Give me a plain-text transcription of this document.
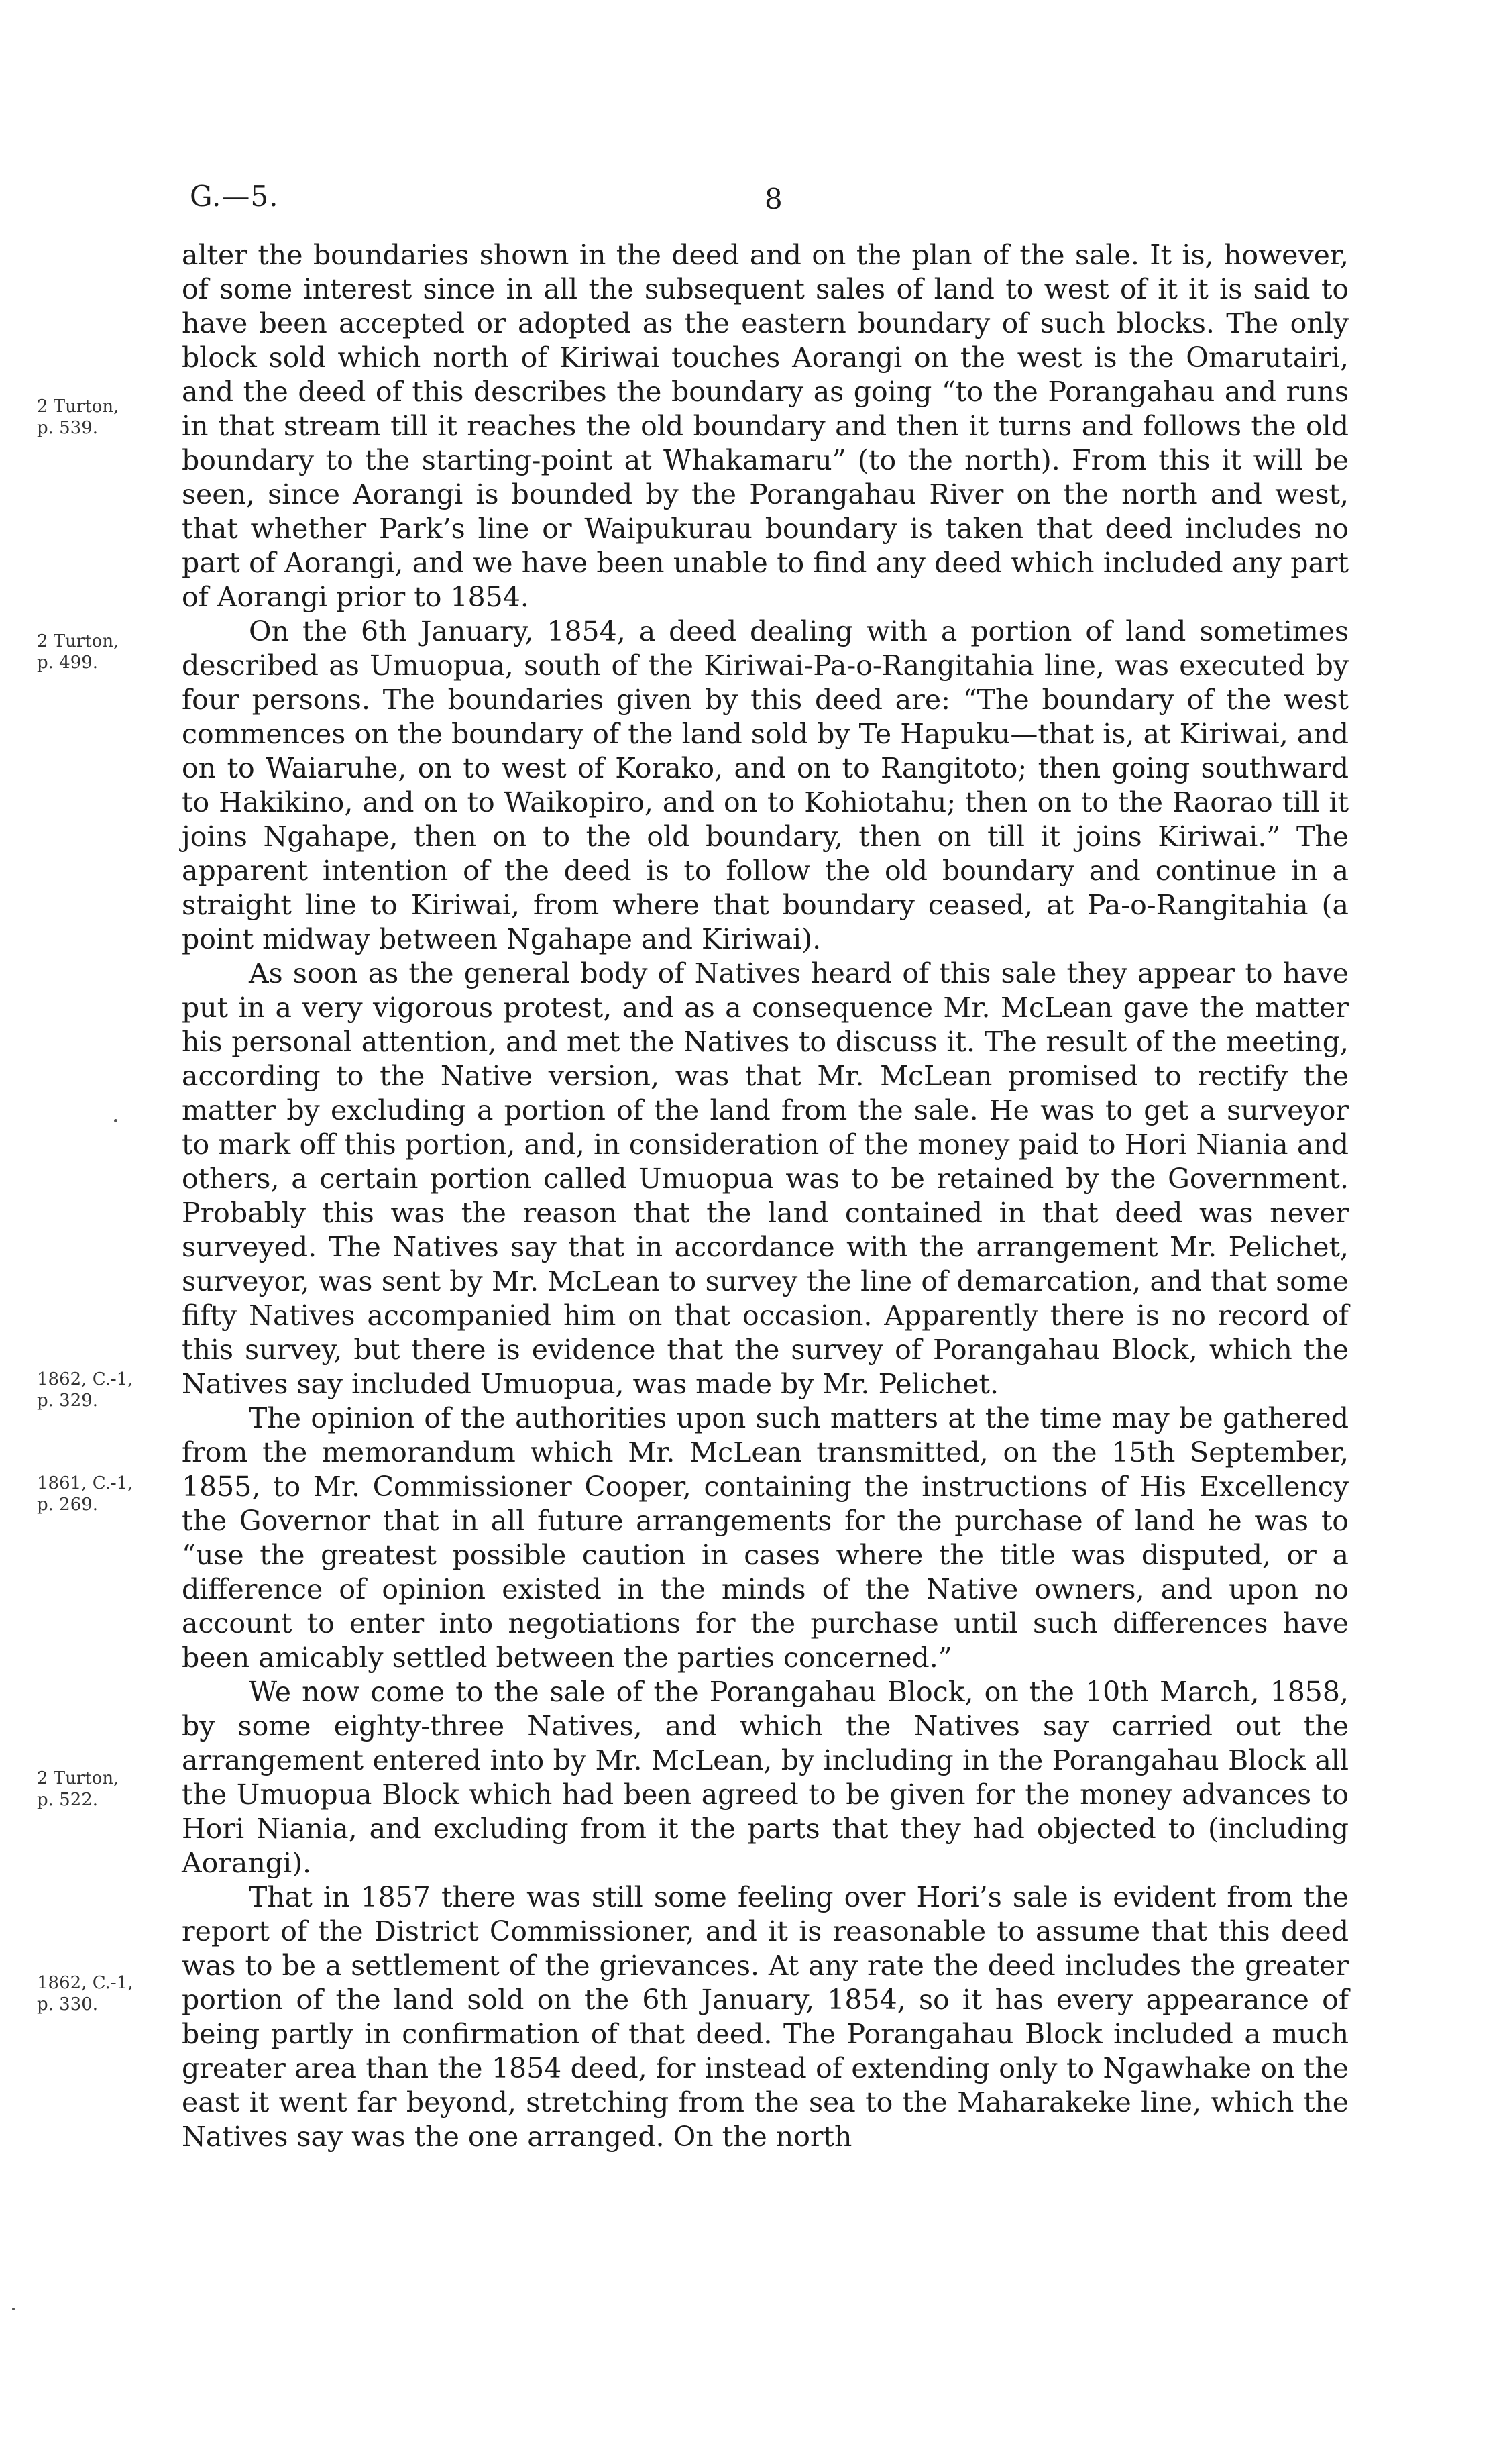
G.—5.	8
2 Turton,
p. 539.
2 Turton,
p. 499.
1862, C.-1,
p. 329.
1861, C.-1,
p. 269.
2 Turton,
p. 522.
1862, C.-1,
p. 330.

alter the boundaries shown in the deed and on the plan of the sale. It is, however, of some interest since in all the subsequent sales of land to west of it it is said to have been accepted or adopted as the eastern boundary of such blocks. The only block sold which north of Kiriwai touches Aorangi on the west is the Omarutairi, and the deed of this describes the boundary as going “to the Porangahau and runs in that stream till it reaches the old boundary and then it turns and follows the old boundary to the starting-point at Whakamaru” (to the north). From this it will be seen, since Aorangi is bounded by the Porangahau River on the north and west, that whether Park’s line or Waipukurau boundary is taken that deed includes no part of Aorangi, and we have been unable to find any deed which included any part of Aorangi prior to 1854.

On the 6th January, 1854, a deed dealing with a portion of land sometimes described as Umuopua, south of the Kiriwai-Pa-o-Rangitahia line, was executed by four persons. The boundaries given by this deed are: “The boundary of the west commences on the boundary of the land sold by Te Hapuku—that is, at Kiriwai, and on to Waiaruhe, on to west of Korako, and on to Rangitoto; then going southward to Hakikino, and on to Waikopiro, and on to Kohiotahu; then on to the Raorao till it joins Ngahape, then on to the old boundary, then on till it joins Kiriwai.” The apparent intention of the deed is to follow the old boundary and continue in a straight line to Kiriwai, from where that boundary ceased, at Pa-o-Rangitahia (a point midway between Ngahape and Kiriwai).

As soon as the general body of Natives heard of this sale they appear to have put in a very vigorous protest, and as a consequence Mr. McLean gave the matter his personal attention, and met the Natives to discuss it. The result of the meeting, according to the Native version, was that Mr. McLean promised to rectify the matter by excluding a portion of the land from the sale. He was to get a surveyor to mark off this portion, and, in consideration of the money paid to Hori Niania and others, a certain portion called Umuopua was to be retained by the Government. Probably this was the reason that the land contained in that deed was never surveyed. The Natives say that in accordance with the arrangement Mr. Pelichet, surveyor, was sent by Mr. McLean to survey the line of demarcation, and that some fifty Natives accompanied him on that occasion. Apparently there is no record of this survey, but there is evidence that the survey of Porangahau Block, which the Natives say included Umuopua, was made by Mr. Pelichet.

The opinion of the authorities upon such matters at the time may be gathered from the memorandum which Mr. McLean transmitted, on the 15th September, 1855, to Mr. Commissioner Cooper, containing the instructions of His Excellency the Governor that in all future arrangements for the purchase of land he was to “use the greatest possible caution in cases where the title was disputed, or a difference of opinion existed in the minds of the Native owners, and upon no account to enter into negotiations for the purchase until such differences have been amicably settled between the parties concerned.”

We now come to the sale of the Porangahau Block, on the 10th March, 1858, by some eighty-three Natives, and which the Natives say carried out the arrangement entered into by Mr. McLean, by including in the Porangahau Block all the Umuopua Block which had been agreed to be given for the money advances to Hori Niania, and excluding from it the parts that they had objected to (including Aorangi).

That in 1857 there was still some feeling over Hori’s sale is evident from the report of the District Commissioner, and it is reasonable to assume that this deed was to be a settlement of the grievances. At any rate the deed includes the greater portion of the land sold on the 6th January, 1854, so it has every appearance of being partly in confirmation of that deed. The Porangahau Block included a much greater area than the 1854 deed, for instead of extending only to Ngawhake on the east it went far beyond, stretching from the sea to the Maharakeke line, which the Natives say was the one arranged. On the north
